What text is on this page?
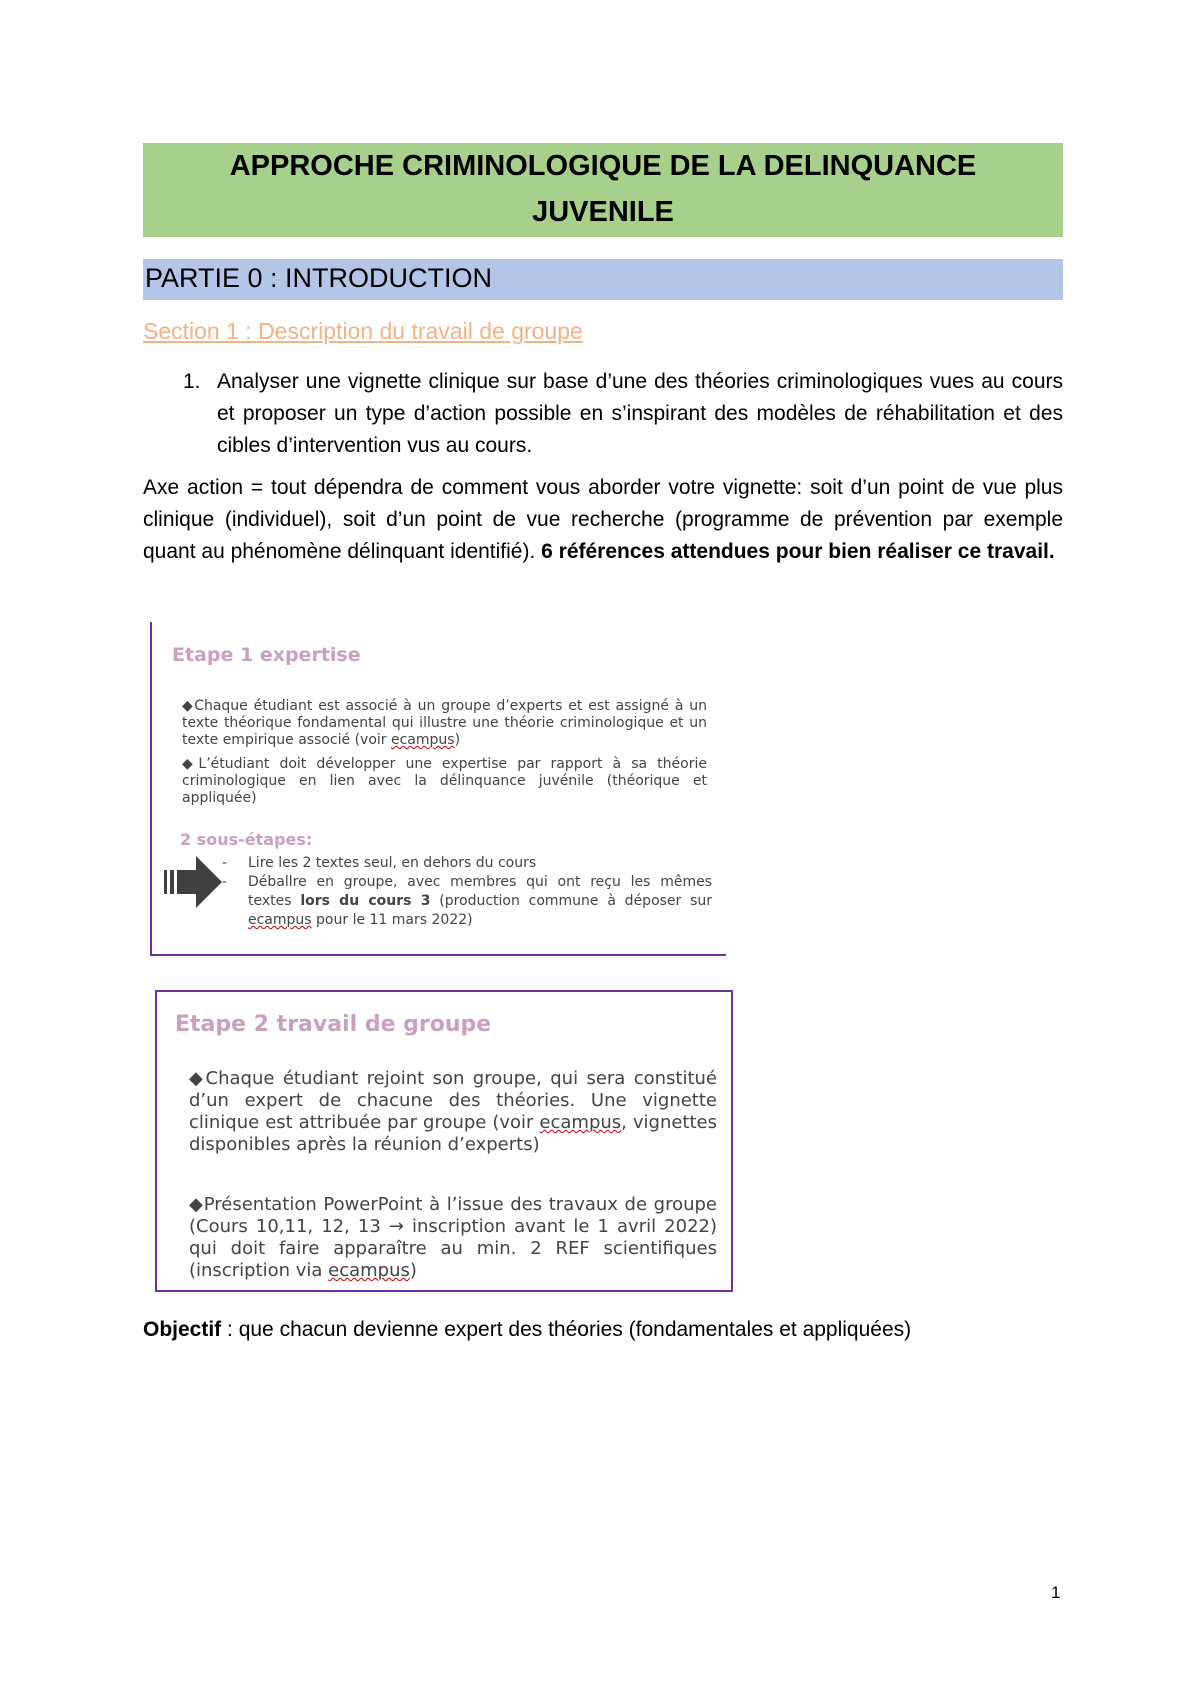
APPROCHE CRIMINOLOGIQUE DE LA DELINQUANCE
JUVENILE
PARTIE 0 : INTRODUCTION
Section 1 : Description du travail de groupe
1. Analyser une vignette clinique sur base d’une des théories criminologiques vues au cours et proposer un type d’action possible en s’inspirant des modèles de réhabilitation et des cibles d’intervention vus au cours.
Axe action = tout dépendra de comment vous aborder votre vignette: soit d’un point de vue plus clinique (individuel), soit d’un point de vue recherche (programme de prévention par exemple quant au phénomène délinquant identifié). 6 références attendues pour bien réaliser ce travail.
Etape 1 expertise
◆Chaque étudiant est associé à un groupe d’experts et est assigné à un texte théorique fondamental qui illustre une théorie criminologique et un texte empirique associé (voir ecampus)
◆L’étudiant doit développer une expertise par rapport à sa théorie criminologique en lien avec la délinquance juvénile (théorique et appliquée)
2 sous-étapes:
- Lire les 2 textes seul, en dehors du cours
- Déballre en groupe, avec membres qui ont reçu les mêmes textes lors du cours 3 (production commune à déposer sur ecampus pour le 11 mars 2022)
Etape 2 travail de groupe
◆Chaque étudiant rejoint son groupe, qui sera constitué d’un expert de chacune des théories. Une vignette clinique est attribuée par groupe (voir ecampus, vignettes disponibles après la réunion d’experts)
◆Présentation PowerPoint à l’issue des travaux de groupe (Cours 10,11, 12, 13 → inscription avant le 1 avril 2022) qui doit faire apparaître au min. 2 REF scientifiques (inscription via ecampus)
Objectif : que chacun devienne expert des théories (fondamentales et appliquées)
1
